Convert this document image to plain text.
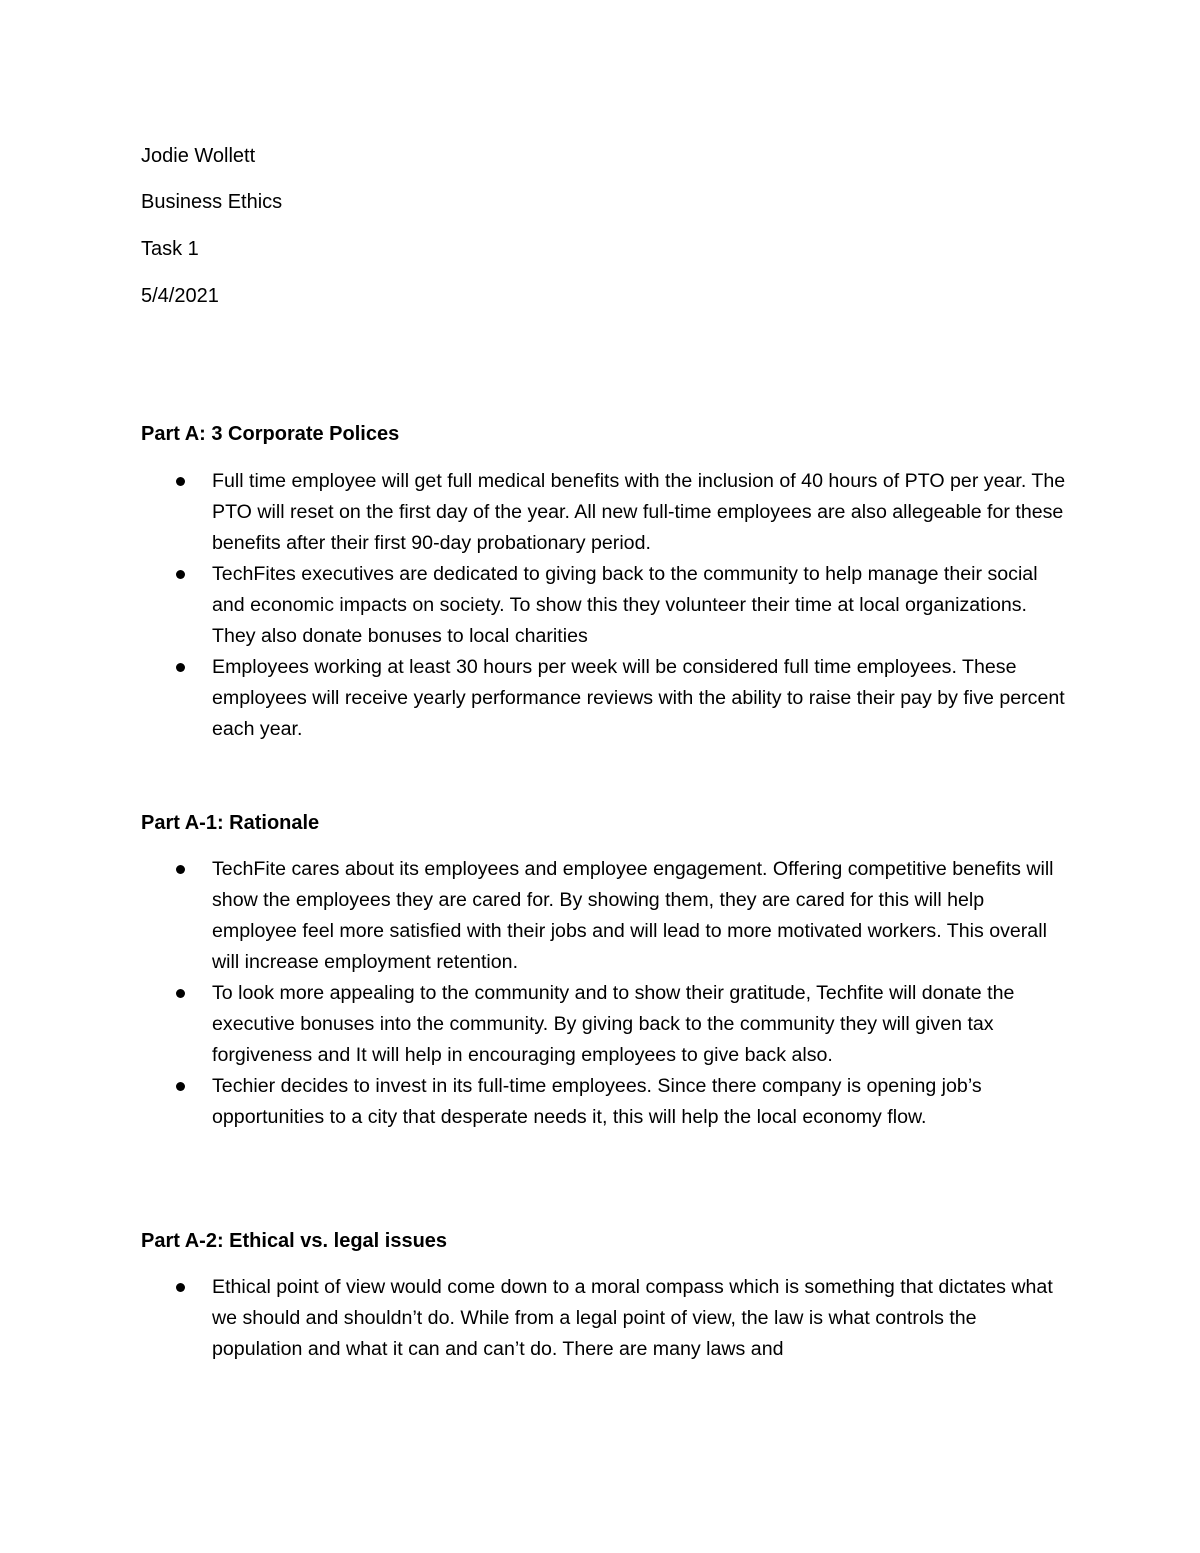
Jodie Wollett
Business Ethics
Task 1
5/4/2021
Part A: 3 Corporate Polices
Full time employee will get full medical benefits with the inclusion of 40 hours of PTO per year. The PTO will reset on the first day of the year. All new full-time employees are also allegeable for these benefits after their first 90-day probationary period.
TechFites executives are dedicated to giving back to the community to help manage their social and economic impacts on society. To show this they volunteer their time at local organizations. They also donate bonuses to local charities
Employees working at least 30 hours per week will be considered full time employees. These employees will receive yearly performance reviews with the ability to raise their pay by five percent each year.
Part A-1: Rationale
TechFite cares about its employees and employee engagement. Offering competitive benefits will show the employees they are cared for. By showing them, they are cared for this will help employee feel more satisfied with their jobs and will lead to more motivated workers. This overall will increase employment retention.
To look more appealing to the community and to show their gratitude, Techfite will donate the executive bonuses into the community. By giving back to the community they will given tax forgiveness and It will help in encouraging employees to give back also.
Techier decides to invest in its full-time employees. Since there company is opening job’s opportunities to a city that desperate needs it, this will help the local economy flow.
Part A-2: Ethical vs. legal issues
Ethical point of view would come down to a moral compass which is something that dictates what we should and shouldn’t do. While from a legal point of view, the law is what controls the population and what it can and can’t do. There are many laws and
